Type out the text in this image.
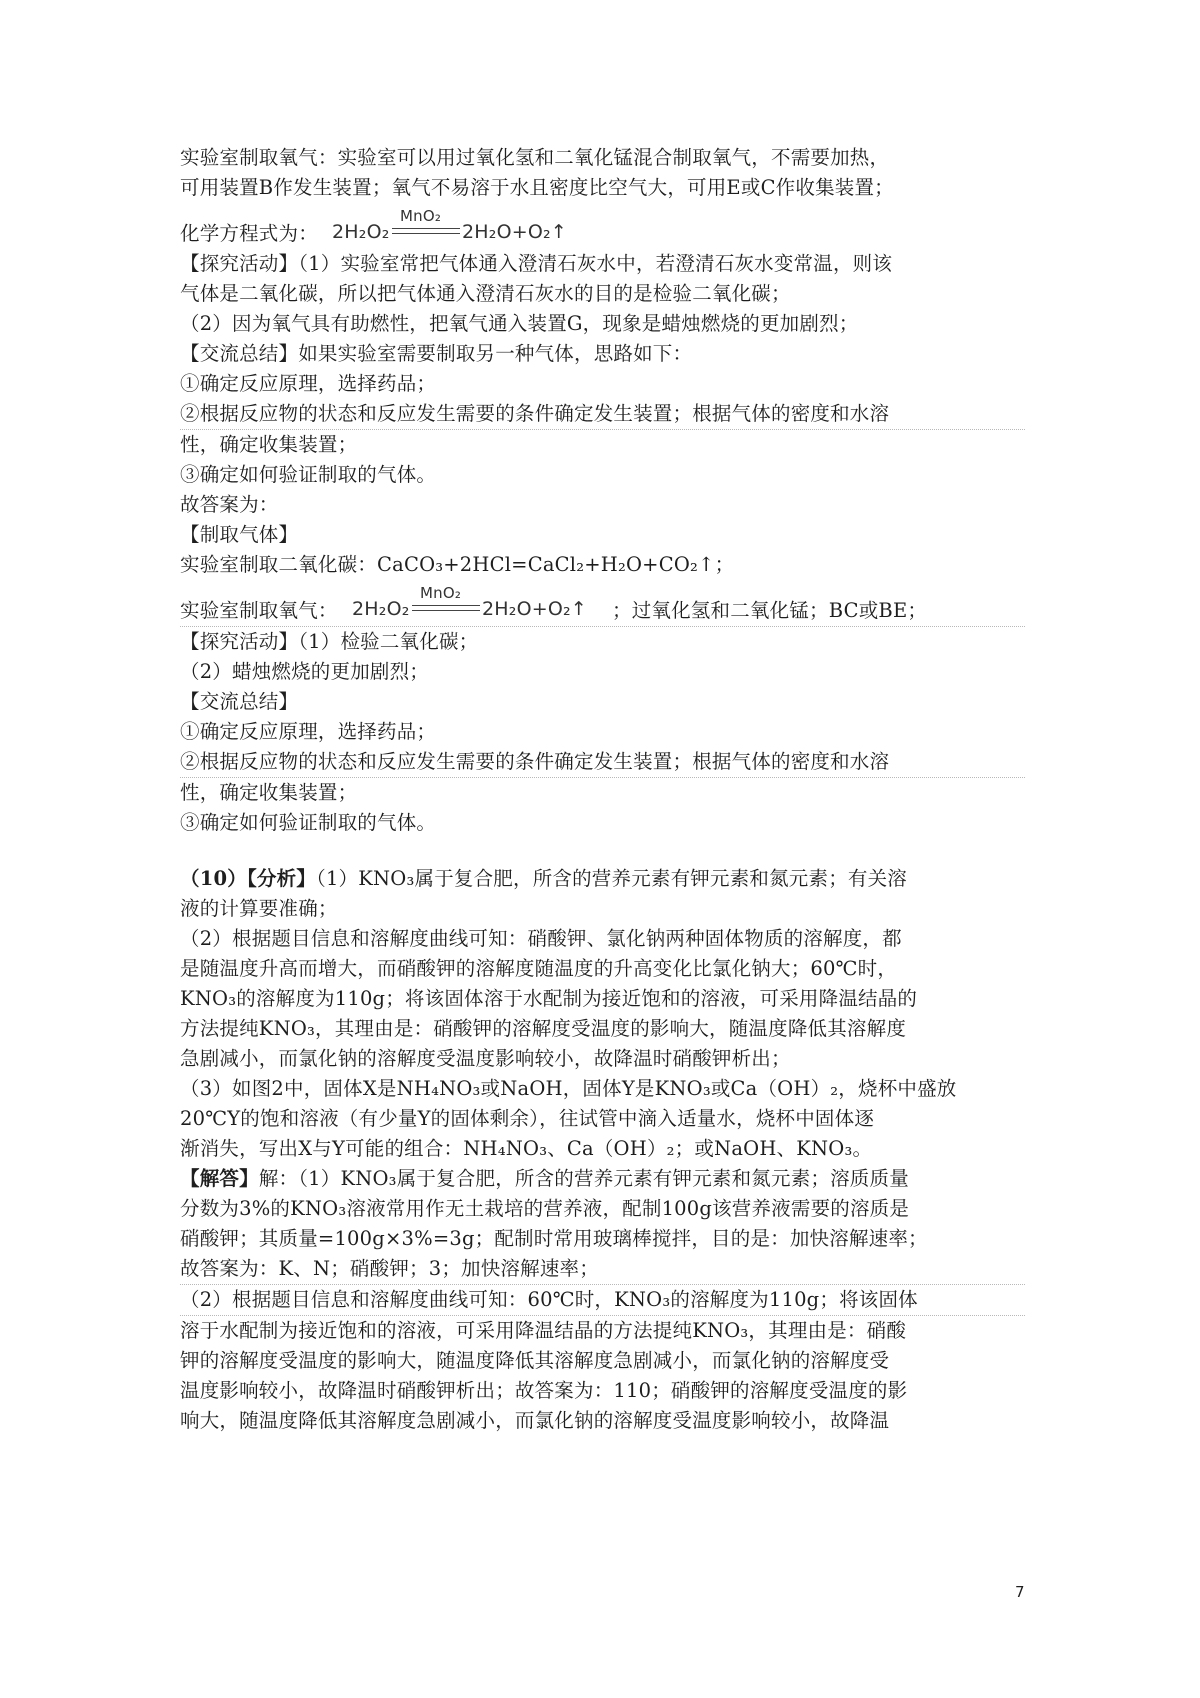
实验室制取氧气：实验室可以用过氧化氢和二氧化锰混合制取氧气，不需要加热，
可用装置B作发生装置；氧气不易溶于水且密度比空气大，可用E或C作收集装置；
化学方程式为： 2H₂O₂
MnO₂
2H₂O+O₂↑
【探究活动】（1）实验室常把气体通入澄清石灰水中，若澄清石灰水变常温，则该
气体是二氧化碳，所以把气体通入澄清石灰水的目的是检验二氧化碳；
（2）因为氧气具有助燃性，把氧气通入装置G，现象是蜡烛燃烧的更加剧烈；
【交流总结】如果实验室需要制取另一种气体，思路如下：
①确定反应原理，选择药品；
②根据反应物的状态和反应发生需要的条件确定发生装置；根据气体的密度和水溶
性，确定收集装置；
③确定如何验证制取的气体。
故答案为：
【制取气体】
实验室制取二氧化碳：CaCO₃+2HCl=CaCl₂+H₂O+CO₂↑；
实验室制取氧气： 2H₂O₂
MnO₂
2H₂O+O₂↑ ；过氧化氢和二氧化锰；BC或BE；
【探究活动】（1）检验二氧化碳；
（2）蜡烛燃烧的更加剧烈；
【交流总结】
①确定反应原理，选择药品；
②根据反应物的状态和反应发生需要的条件确定发生装置；根据气体的密度和水溶
性，确定收集装置；
③确定如何验证制取的气体。
（10）【分析】（1）KNO₃属于复合肥，所含的营养元素有钾元素和氮元素；有关溶
液的计算要准确；
（2）根据题目信息和溶解度曲线可知：硝酸钾、氯化钠两种固体物质的溶解度，都
是随温度升高而增大，而硝酸钾的溶解度随温度的升高变化比氯化钠大；60℃时，
KNO₃的溶解度为110g；将该固体溶于水配制为接近饱和的溶液，可采用降温结晶的
方法提纯KNO₃，其理由是：硝酸钾的溶解度受温度的影响大，随温度降低其溶解度
急剧减小，而氯化钠的溶解度受温度影响较小，故降温时硝酸钾析出；
（3）如图2中，固体X是NH₄NO₃或NaOH，固体Y是KNO₃或Ca（OH）₂，烧杯中盛放
20℃Y的饱和溶液（有少量Y的固体剩余），往试管中滴入适量水，烧杯中固体逐
渐消失，写出X与Y可能的组合：NH₄NO₃、Ca（OH）₂；或NaOH、KNO₃。
【解答】解：（1）KNO₃属于复合肥，所含的营养元素有钾元素和氮元素；溶质质量
分数为3%的KNO₃溶液常用作无土栽培的营养液，配制100g该营养液需要的溶质是
硝酸钾；其质量=100g×3%=3g；配制时常用玻璃棒搅拌，目的是：加快溶解速率；
故答案为：K、N；硝酸钾；3；加快溶解速率；
（2）根据题目信息和溶解度曲线可知：60℃时，KNO₃的溶解度为110g；将该固体
溶于水配制为接近饱和的溶液，可采用降温结晶的方法提纯KNO₃，其理由是：硝酸
钾的溶解度受温度的影响大，随温度降低其溶解度急剧减小，而氯化钠的溶解度受
温度影响较小，故降温时硝酸钾析出；故答案为：110；硝酸钾的溶解度受温度的影
响大，随温度降低其溶解度急剧减小，而氯化钠的溶解度受温度影响较小，故降温
7
